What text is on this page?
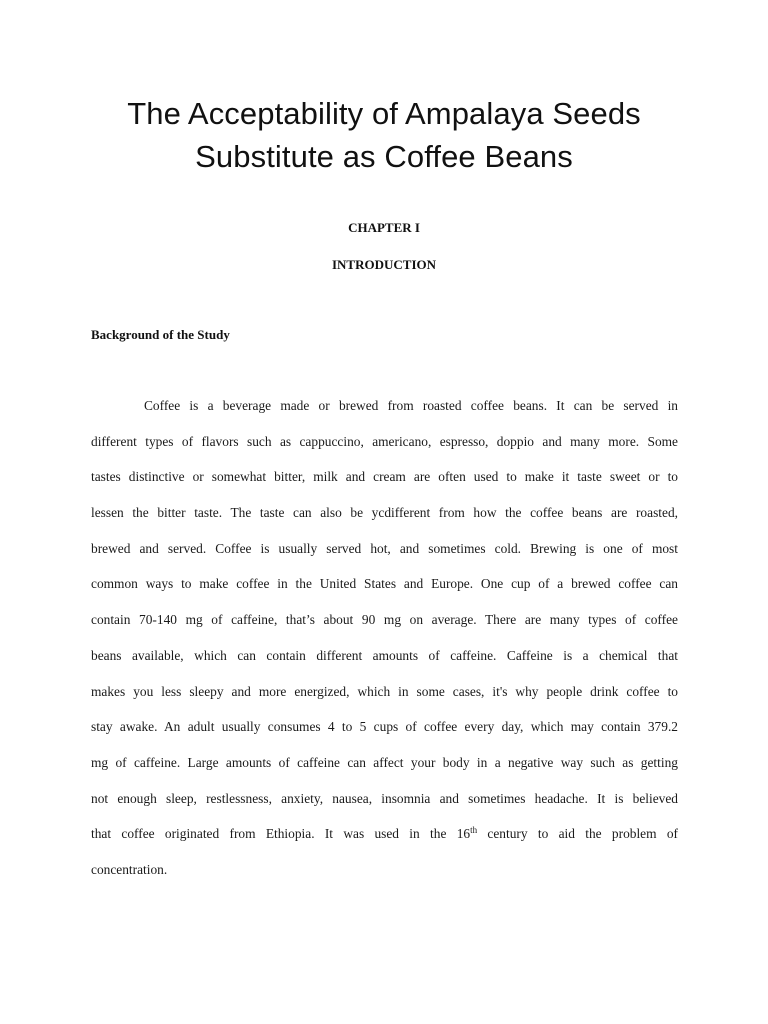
The Acceptability of Ampalaya Seeds
Substitute as Coffee Beans

CHAPTER I

INTRODUCTION

Background of the Study

Coffee is a beverage made or brewed from roasted coffee beans. It can be served in
different types of flavors such as cappuccino, americano, espresso, doppio and many more. Some
tastes distinctive or somewhat bitter, milk and cream are often used to make it taste sweet or to
lessen the bitter taste. The taste can also be ycdifferent from how the coffee beans are roasted,
brewed and served. Coffee is usually served hot, and sometimes cold. Brewing is one of most
common ways to make coffee in the United States and Europe. One cup of a brewed coffee can
contain 70-140 mg of caffeine, that’s about 90 mg on average. There are many types of coffee
beans available, which can contain different amounts of caffeine. Caffeine is a chemical that
makes you less sleepy and more energized, which in some cases, it's why people drink coffee to
stay awake. An adult usually consumes 4 to 5 cups of coffee every day, which may contain 379.2
mg of caffeine. Large amounts of caffeine can affect your body in a negative way such as getting
not enough sleep, restlessness, anxiety, nausea, insomnia and sometimes headache. It is believed
that coffee originated from Ethiopia. It was used in the 16th century to aid the problem of
concentration.
